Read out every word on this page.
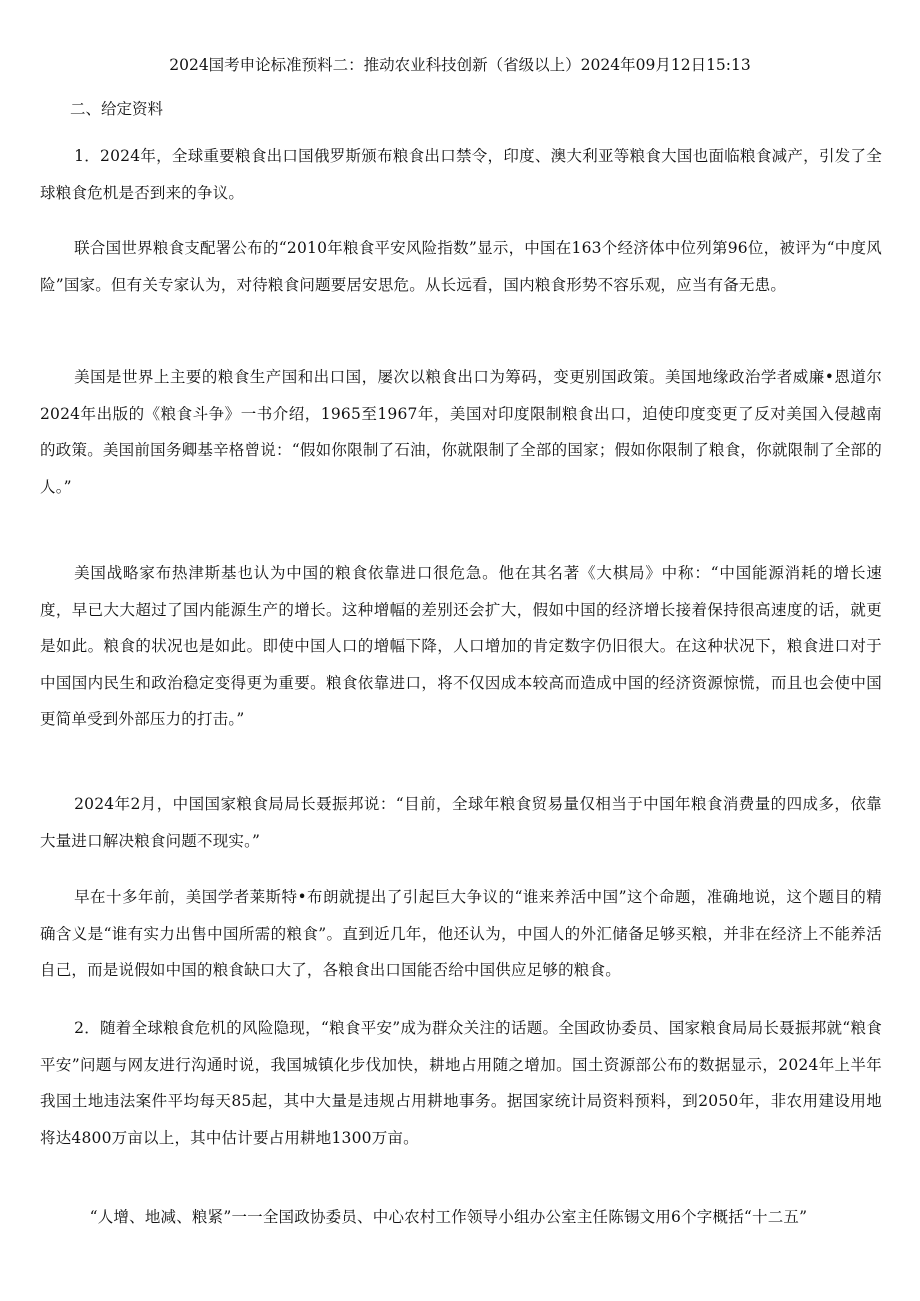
2024国考申论标准预料二：推动农业科技创新（省级以上）2024年09月12日15:13
二、给定资料

1．2024年，全球重要粮食出口国俄罗斯颁布粮食出口禁令，印度、澳大利亚等粮食大国也面临粮食减产，引发了全球粮食危机是否到来的争议。

联合国世界粮食支配署公布的“2010年粮食平安风险指数”显示，中国在163个经济体中位列第96位，被评为“中度风险”国家。但有关专家认为，对待粮食问题要居安思危。从长远看，国内粮食形势不容乐观，应当有备无患。

美国是世界上主要的粮食生产国和出口国，屡次以粮食出口为筹码，变更别国政策。美国地缘政治学者威廉•恩道尔2024年出版的《粮食斗争》一书介绍，1965至1967年，美国对印度限制粮食出口，迫使印度变更了反对美国入侵越南的政策。美国前国务卿基辛格曾说：“假如你限制了石油，你就限制了全部的国家；假如你限制了粮食，你就限制了全部的人。”

美国战略家布热津斯基也认为中国的粮食依靠进口很危急。他在其名著《大棋局》中称：“中国能源消耗的增长速度，早已大大超过了国内能源生产的增长。这种增幅的差别还会扩大，假如中国的经济增长接着保持很高速度的话，就更是如此。粮食的状况也是如此。即使中国人口的增幅下降，人口增加的肯定数字仍旧很大。在这种状况下，粮食进口对于中国国内民生和政治稳定变得更为重要。粮食依靠进口，将不仅因成本较高而造成中国的经济资源惊慌，而且也会使中国更简单受到外部压力的打击。”

2024年2月，中国国家粮食局局长聂振邦说：“目前，全球年粮食贸易量仅相当于中国年粮食消费量的四成多，依靠大量进口解决粮食问题不现实。”

早在十多年前，美国学者莱斯特•布朗就提出了引起巨大争议的“谁来养活中国”这个命题，准确地说，这个题目的精确含义是“谁有实力出售中国所需的粮食”。直到近几年，他还认为，中国人的外汇储备足够买粮，并非在经济上不能养活自己，而是说假如中国的粮食缺口大了，各粮食出口国能否给中国供应足够的粮食。

2．随着全球粮食危机的风险隐现，“粮食平安”成为群众关注的话题。全国政协委员、国家粮食局局长聂振邦就“粮食平安”问题与网友进行沟通时说，我国城镇化步伐加快，耕地占用随之增加。国土资源部公布的数据显示，2024年上半年我国土地违法案件平均每天85起，其中大量是违规占用耕地事务。据国家统计局资料预料，到2050年，非农用建设用地将达4800万亩以上，其中估计要占用耕地1300万亩。

“人增、地减、粮紧”一一全国政协委员、中心农村工作领导小组办公室主任陈锡文用6个字概括“十二五”
